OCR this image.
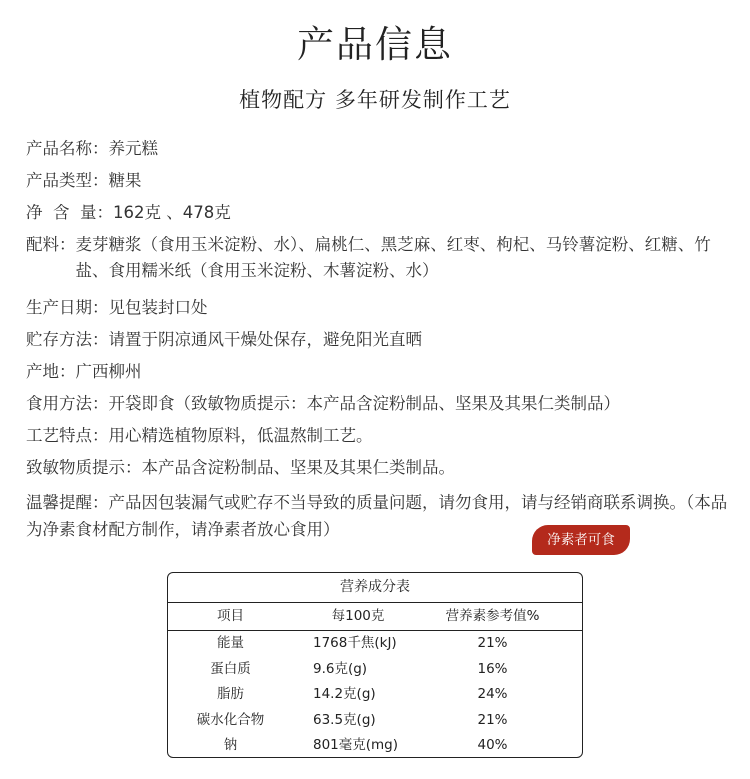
产品信息
植物配方 多年研发制作工艺
产品名称：养元糕
产品类型：糖果
净  含  量：162克 、478克
配料： 麦芽糖浆（食用玉米淀粉、水）、扁桃仁、黑芝麻、红枣、枸杞、马铃薯淀粉、红糖、竹盐、食用糯米纸（食用玉米淀粉、木薯淀粉、水）
生产日期：见包装封口处
贮存方法：请置于阴凉通风干燥处保存，避免阳光直晒
产地：广西柳州
食用方法：开袋即食（致敏物质提示：本产品含淀粉制品、坚果及其果仁类制品）
工艺特点：用心精选植物原料，低温熬制工艺。
致敏物质提示：本产品含淀粉制品、坚果及其果仁类制品。
温馨提醒：产品因包装漏气或贮存不当导致的质量问题，请勿食用，请与经销商联系调换。（本品为净素食材配方制作，请净素者放心食用）
净素者可食
营养成分表
项目	每100克	营养素参考值%
能量	1768千焦(kJ)	21%
蛋白质	9.6克(g)	16%
脂肪	14.2克(g)	24%
碳水化合物	63.5克(g)	21%
钠	801毫克(mg)	40%
